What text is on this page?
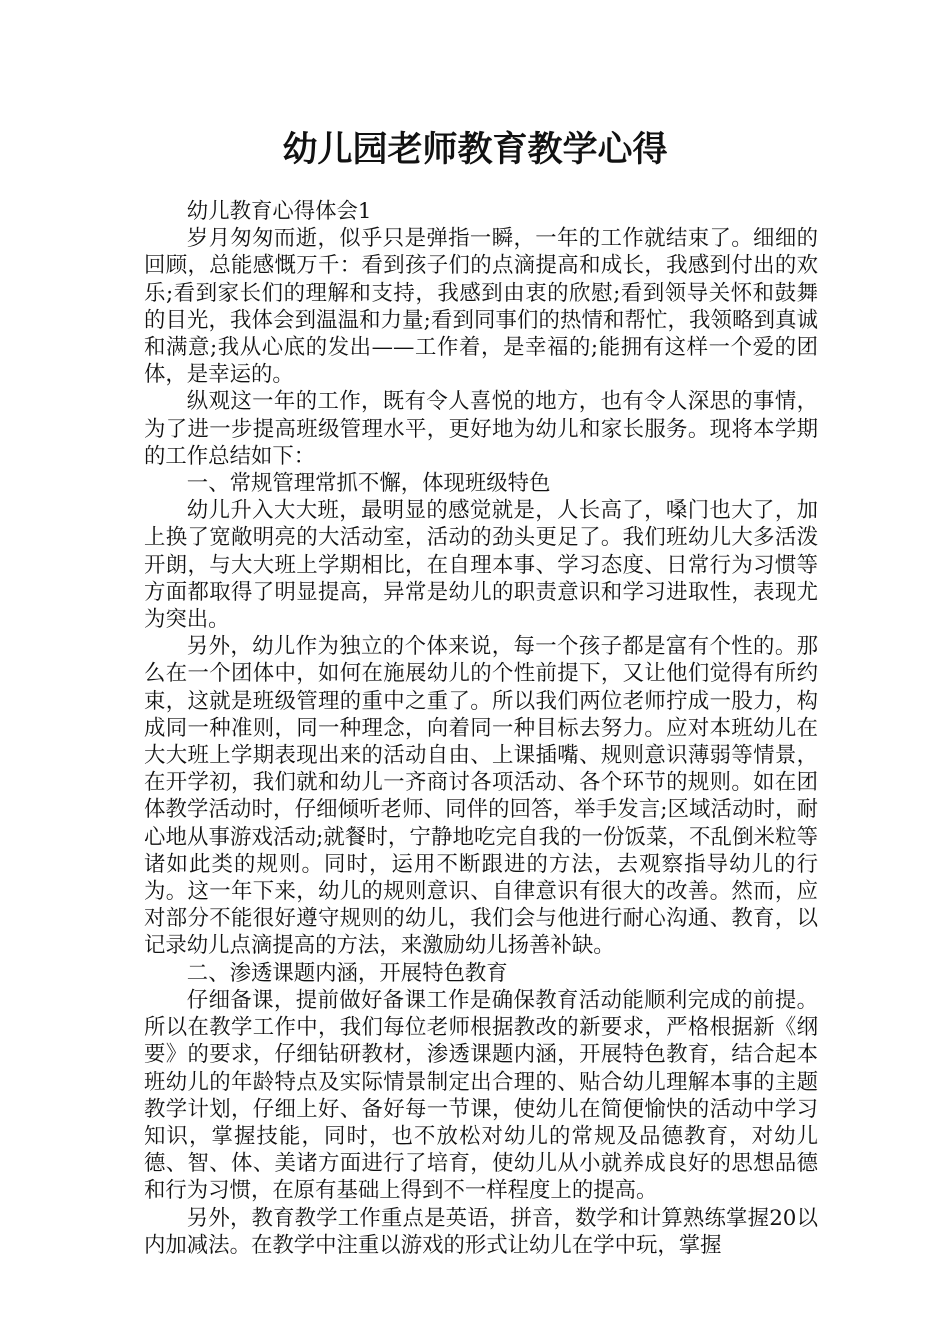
幼儿园老师教育教学心得

幼儿教育心得体会1

岁月匆匆而逝，似乎只是弹指一瞬，一年的工作就结束了。细细的回顾，总能感慨万千：看到孩子们的点滴提高和成长，我感到付出的欢乐;看到家长们的理解和支持，我感到由衷的欣慰;看到领导关怀和鼓舞的目光，我体会到温温和力量;看到同事们的热情和帮忙，我领略到真诚和满意;我从心底的发出——工作着，是幸福的;能拥有这样一个爱的团体，是幸运的。

纵观这一年的工作，既有令人喜悦的地方，也有令人深思的事情，为了进一步提高班级管理水平，更好地为幼儿和家长服务。现将本学期的工作总结如下：

一、常规管理常抓不懈，体现班级特色

幼儿升入大大班，最明显的感觉就是，人长高了，嗓门也大了，加上换了宽敞明亮的大活动室，活动的劲头更足了。我们班幼儿大多活泼开朗，与大大班上学期相比，在自理本事、学习态度、日常行为习惯等方面都取得了明显提高，异常是幼儿的职责意识和学习进取性，表现尤为突出。

另外，幼儿作为独立的个体来说，每一个孩子都是富有个性的。那么在一个团体中，如何在施展幼儿的个性前提下，又让他们觉得有所约束，这就是班级管理的重中之重了。所以我们两位老师拧成一股力，构成同一种准则，同一种理念，向着同一种目标去努力。应对本班幼儿在大大班上学期表现出来的活动自由、上课插嘴、规则意识薄弱等情景，在开学初，我们就和幼儿一齐商讨各项活动、各个环节的规则。如在团体教学活动时，仔细倾听老师、同伴的回答，举手发言;区域活动时，耐心地从事游戏活动;就餐时，宁静地吃完自我的一份饭菜，不乱倒米粒等诸如此类的规则。同时，运用不断跟进的方法，去观察指导幼儿的行为。这一年下来，幼儿的规则意识、自律意识有很大的改善。然而，应对部分不能很好遵守规则的幼儿，我们会与他进行耐心沟通、教育，以记录幼儿点滴提高的方法，来激励幼儿扬善补缺。

二、渗透课题内涵，开展特色教育

仔细备课，提前做好备课工作是确保教育活动能顺利完成的前提。所以在教学工作中，我们每位老师根据教改的新要求，严格根据新《纲要》的要求，仔细钻研教材，渗透课题内涵，开展特色教育，结合起本班幼儿的年龄特点及实际情景制定出合理的、贴合幼儿理解本事的主题教学计划，仔细上好、备好每一节课，使幼儿在简便愉快的活动中学习知识，掌握技能，同时，也不放松对幼儿的常规及品德教育，对幼儿德、智、体、美诸方面进行了培育，使幼儿从小就养成良好的思想品德和行为习惯，在原有基础上得到不一样程度上的提高。

另外，教育教学工作重点是英语，拼音，数学和计算熟练掌握20以内加减法。在教学中注重以游戏的形式让幼儿在学中玩，掌握
